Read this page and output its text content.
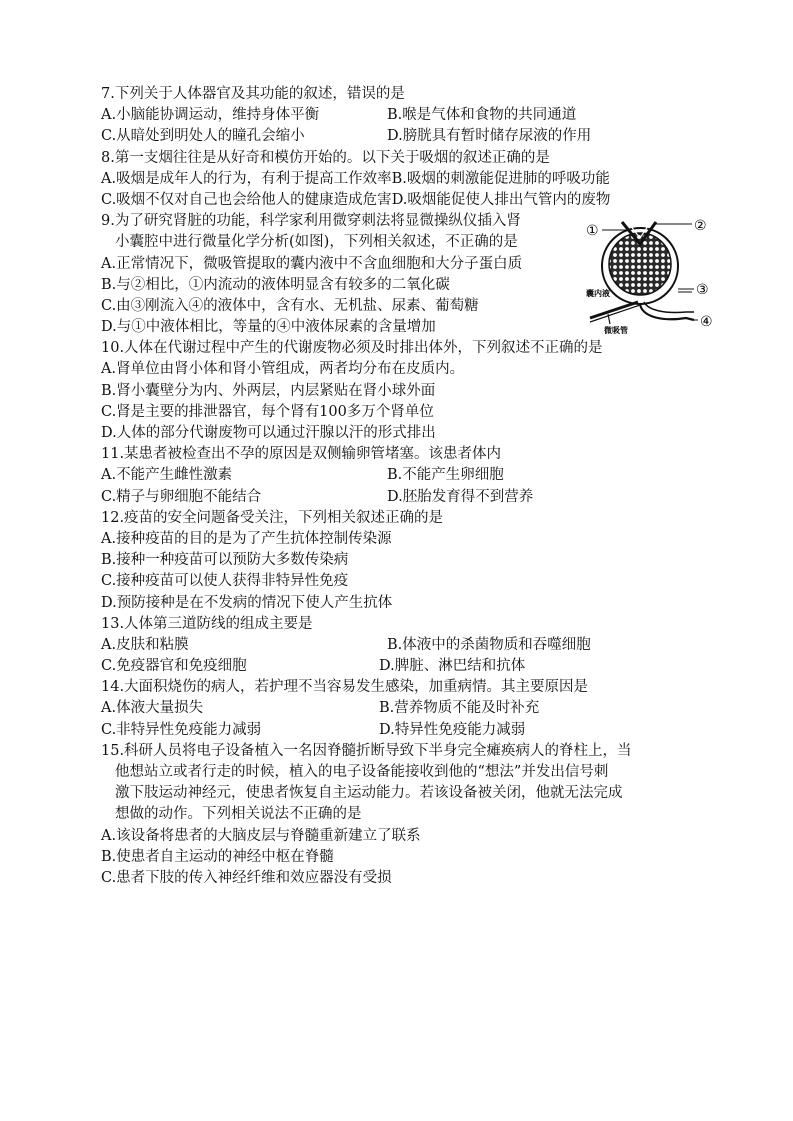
7.下列关于人体器官及其功能的叙述，错误的是
A.小脑能协调运动，维持身体平衡	B.喉是气体和食物的共同通道
C.从暗处到明处人的瞳孔会缩小	D.膀胱具有暂时储存尿液的作用
8.第一支烟往往是从好奇和模仿开始的。以下关于吸烟的叙述正确的是
A.吸烟是成年人的行为，有利于提高工作效率 B.吸烟的刺激能促进肺的呼吸功能
C.吸烟不仅对自己也会给他人的健康造成危害 D.吸烟能促使人排出气管内的废物
9.为了研究肾脏的功能，科学家利用微穿刺法将显微操纵仪插入肾
小囊腔中进行微量化学分析(如图)，下列相关叙述，不正确的是
A.正常情况下，微吸管提取的囊内液中不含血细胞和大分子蛋白质
B.与②相比，①内流动的液体明显含有较多的二氧化碳
C.由③刚流入④的液体中，含有水、无机盐、尿素、葡萄糖
D.与①中液体相比，等量的④中液体尿素的含量增加
10.人体在代谢过程中产生的代谢废物必须及时排出体外，下列叙述不正确的是
A.肾单位由肾小体和肾小管组成，两者均分布在皮质内。
B.肾小囊壁分为内、外两层，内层紧贴在肾小球外面
C.肾是主要的排泄器官，每个肾有100多万个肾单位
D.人体的部分代谢废物可以通过汗腺以汗的形式排出
11.某患者被检查出不孕的原因是双侧输卵管堵塞。该患者体内
A.不能产生雌性激素	B.不能产生卵细胞
C.精子与卵细胞不能结合	D.胚胎发育得不到营养
12.疫苗的安全问题备受关注，下列相关叙述正确的是
A.接种疫苗的目的是为了产生抗体控制传染源
B.接种一种疫苗可以预防大多数传染病
C.接种疫苗可以使人获得非特异性免疫
D.预防接种是在不发病的情况下使人产生抗体
13.人体第三道防线的组成主要是
A.皮肤和粘膜	B.体液中的杀菌物质和吞噬细胞
C.免疫器官和免疫细胞	D.脾脏、淋巴结和抗体
14.大面积烧伤的病人，若护理不当容易发生感染，加重病情。其主要原因是
A.体液大量损失	B.营养物质不能及时补充
C.非特异性免疫能力减弱	D.特异性免疫能力减弱
15.科研人员将电子设备植入一名因脊髓折断导致下半身完全瘫痪病人的脊柱上，当
他想站立或者行走的时候，植入的电子设备能接收到他的“想法”并发出信号刺
激下肢运动神经元，使患者恢复自主运动能力。若该设备被关闭，他就无法完成
想做的动作。下列相关说法不正确的是
A.该设备将患者的大脑皮层与脊髓重新建立了联系
B.使患者自主运动的神经中枢在脊髓
C.患者下肢的传入神经纤维和效应器没有受损
①	②
③
④
囊内液
微吸管
